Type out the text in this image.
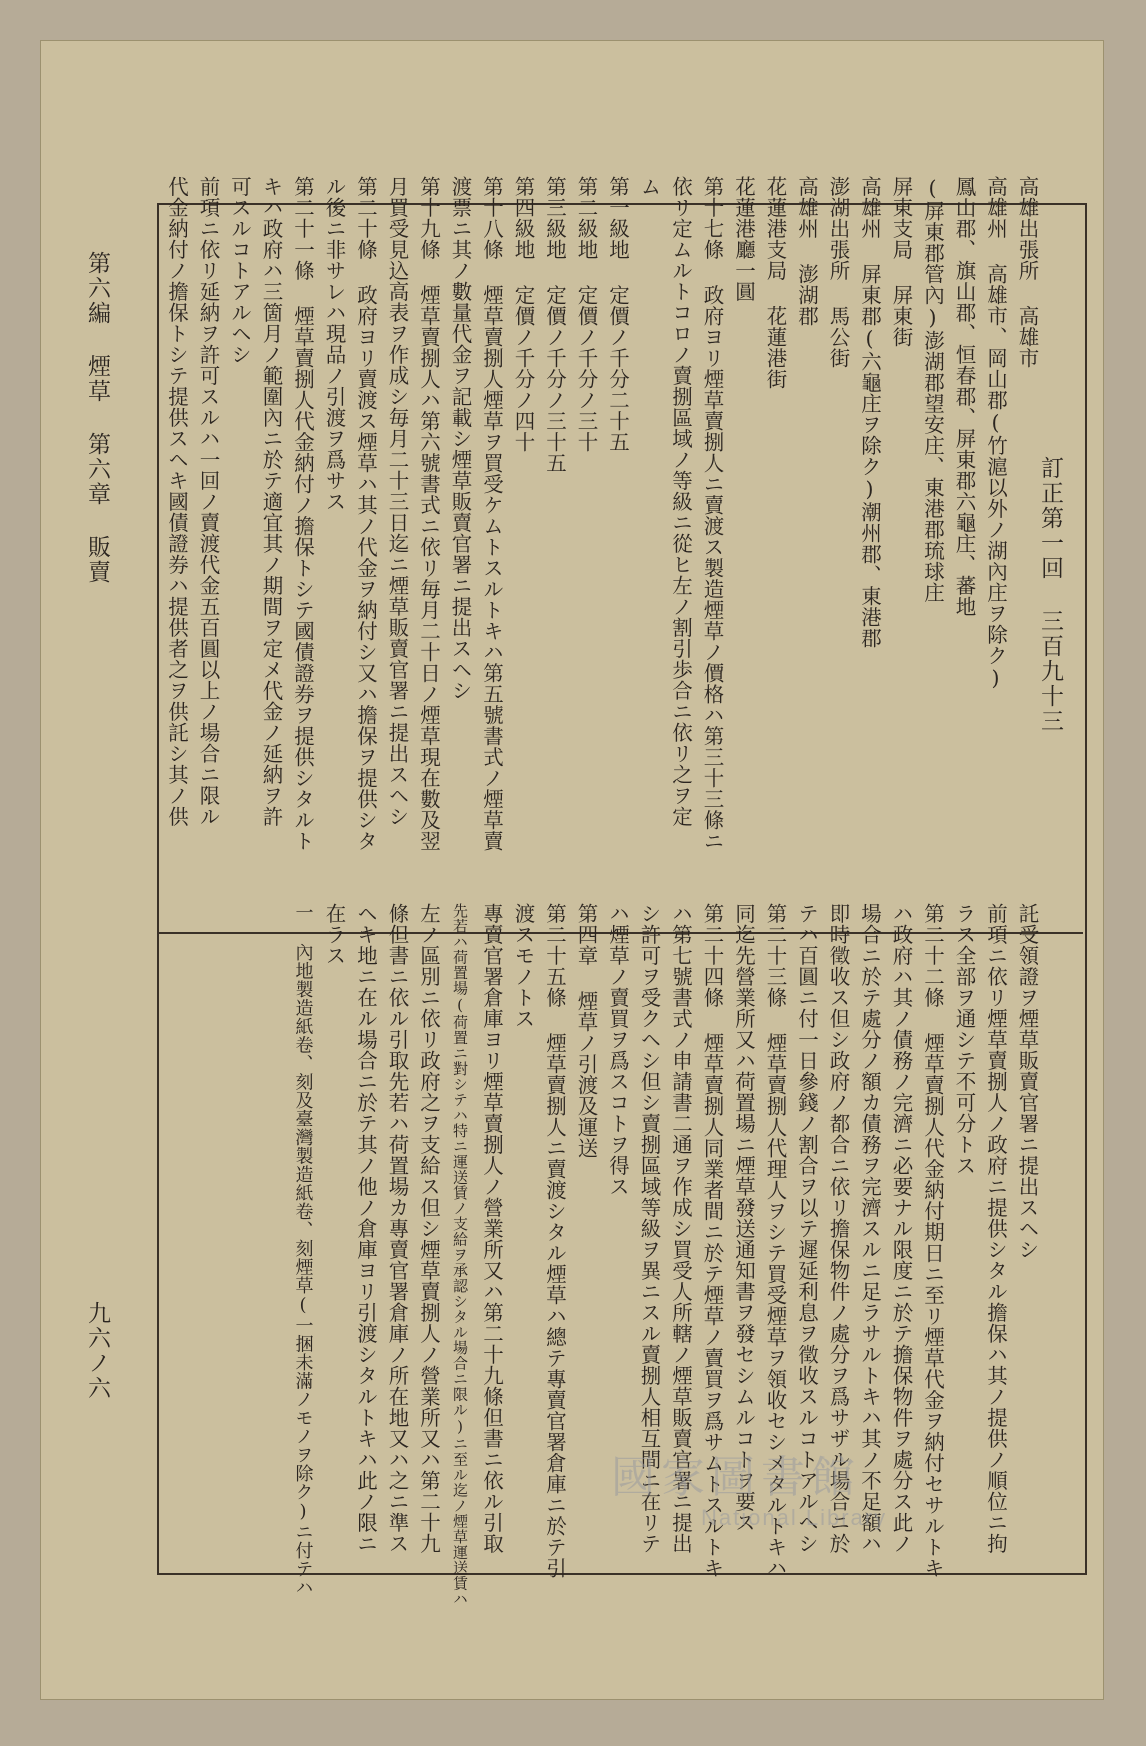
訂正第一回 三百九十三
高雄出張所 高雄市
高雄州 高雄市、岡山郡(竹滬以外ノ湖內庄ヲ除ク)
鳳山郡、旗山郡、恒春郡、屏東郡六龜庄、蕃地
(屏東郡管內)澎湖郡望安庄、東港郡琉球庄
屏東支局 屏東街
高雄州 屏東郡(六龜庄ヲ除ク)潮州郡、東港郡
澎湖出張所 馬公街
高雄州 澎湖郡
花蓮港支局 花蓮港街
花蓮港廳一圓
第十七條 政府ヨリ煙草賣捌人ニ賣渡ス製造煙草ノ價格ハ第三十三條ニ
依リ定ムルトコロノ賣捌區域ノ等級ニ從ヒ左ノ割引歩合ニ依リ之ヲ定
ム
第一級地 定價ノ千分二十五
第二級地 定價ノ千分ノ三十
第三級地 定價ノ千分ノ三十五
第四級地 定價ノ千分ノ四十
第十八條 煙草賣捌人煙草ヲ買受ケムトスルトキハ第五號書式ノ煙草賣
渡票ニ其ノ數量代金ヲ記載シ煙草販賣官署ニ提出スヘシ
第十九條 煙草賣捌人ハ第六號書式ニ依リ毎月二十日ノ煙草現在數及翌
月買受見込高表ヲ作成シ毎月二十三日迄ニ煙草販賣官署ニ提出スヘシ
第二十條 政府ヨリ賣渡ス煙草ハ其ノ代金ヲ納付シ又ハ擔保ヲ提供シタ
ル後ニ非サレハ現品ノ引渡ヲ爲サス
第二十一條 煙草賣捌人代金納付ノ擔保トシテ國債證券ヲ提供シタルト
キハ政府ハ三箇月ノ範圍內ニ於テ適宜其ノ期間ヲ定メ代金ノ延納ヲ許
可スルコトアルヘシ
前項ニ依リ延納ヲ許可スルハ一回ノ賣渡代金五百圓以上ノ場合ニ限ル
代金納付ノ擔保トシテ提供スヘキ國債證券ハ提供者之ヲ供託シ其ノ供
託受領證ヲ煙草販賣官署ニ提出スヘシ
前項ニ依リ煙草賣捌人ノ政府ニ提供シタル擔保ハ其ノ提供ノ順位ニ拘
ラス全部ヲ通シテ不可分トス
第二十二條 煙草賣捌人代金納付期日ニ至リ煙草代金ヲ納付セサルトキ
ハ政府ハ其ノ債務ノ完濟ニ必要ナル限度ニ於テ擔保物件ヲ處分ス此ノ
場合ニ於テ處分ノ額カ債務ヲ完濟スルニ足ラサルトキハ其ノ不足額ハ
即時徵收ス但シ政府ノ都合ニ依リ擔保物件ノ處分ヲ爲サザル場合ニ於
テハ百圓ニ付一日參錢ノ割合ヲ以テ遲延利息ヲ徵收スルコトアルヘシ
第二十三條 煙草賣捌人代理人ヲシテ買受煙草ヲ領收セシメタルトキハ
同迄先營業所又ハ荷置場ニ煙草發送通知書ヲ發セシムルコトヲ要ス
第二十四條 煙草賣捌人同業者間ニ於テ煙草ノ賣買ヲ爲サムトスルトキ
ハ第七號書式ノ申請書二通ヲ作成シ買受人所轄ノ煙草販賣官署ニ提出
シ許可ヲ受クヘシ但シ賣捌區域等級ヲ異ニスル賣捌人相互間ニ在リテ
ハ煙草ノ賣買ヲ爲スコトヲ得ス
第四章 煙草ノ引渡及運送
第二十五條 煙草賣捌人ニ賣渡シタル煙草ハ總テ專賣官署倉庫ニ於テ引
渡スモノトス
專賣官署倉庫ヨリ煙草賣捌人ノ營業所又ハ第二十九條但書ニ依ル引取
先若ハ荷置場(荷置ニ對シテハ特ニ運送賃ノ支給ヲ承認シタル場合ニ限ル)ニ至ル迄ノ煙草運送賃ハ
左ノ區別ニ依リ政府之ヲ支給ス但シ煙草賣捌人ノ營業所又ハ第二十九
條但書ニ依ル引取先若ハ荷置場カ專賣官署倉庫ノ所在地又ハ之ニ準ス
ヘキ地ニ在ル場合ニ於テ其ノ他ノ倉庫ヨリ引渡シタルトキハ此ノ限ニ
在ラス
一 內地製造紙卷、刻及臺灣製造紙卷、刻煙草(一捆未滿ノモノヲ除ク)ニ付テハ
第六編 煙草 第六章 販賣
九六ノ六
國家圖書館
National Library
